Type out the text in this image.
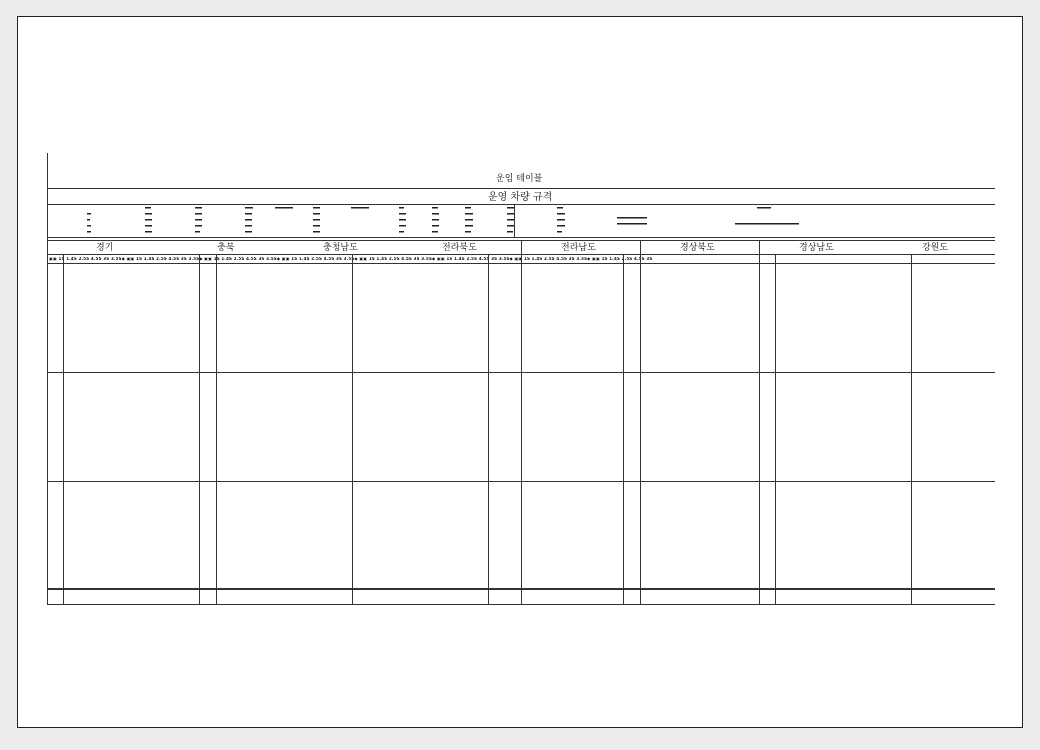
운임 테이블
운영 차량 규격
경기	충북	충청남도	전라북도	전라남도	경상북도	경상남도	강원도
▣▣ 1S 1.4S 2.5S 4.5S 3S 3.5S◆ ▣▣ 1S 1.4S 2.5S 4.5S 3S 3.5S◆ ▣▣ 1S 1.4S 2.5S 4.5S 3S 3.5S◆ ▣▣ 1S 1.4S 2.5S 4.5S 3S 3.5S◆ ▣▣ 1S 1.4S 2.5S 4.5S 3S 3.5S◆ ▣▣ 1S 1.4S 2.5S 4.5S 3S 3.5S◆ ▣▣ 1S 1.4S 2.5S 4.5S 3S 3.5S◆ ▣▣ 1S 1.4S 2.5S 4.5S 3S
